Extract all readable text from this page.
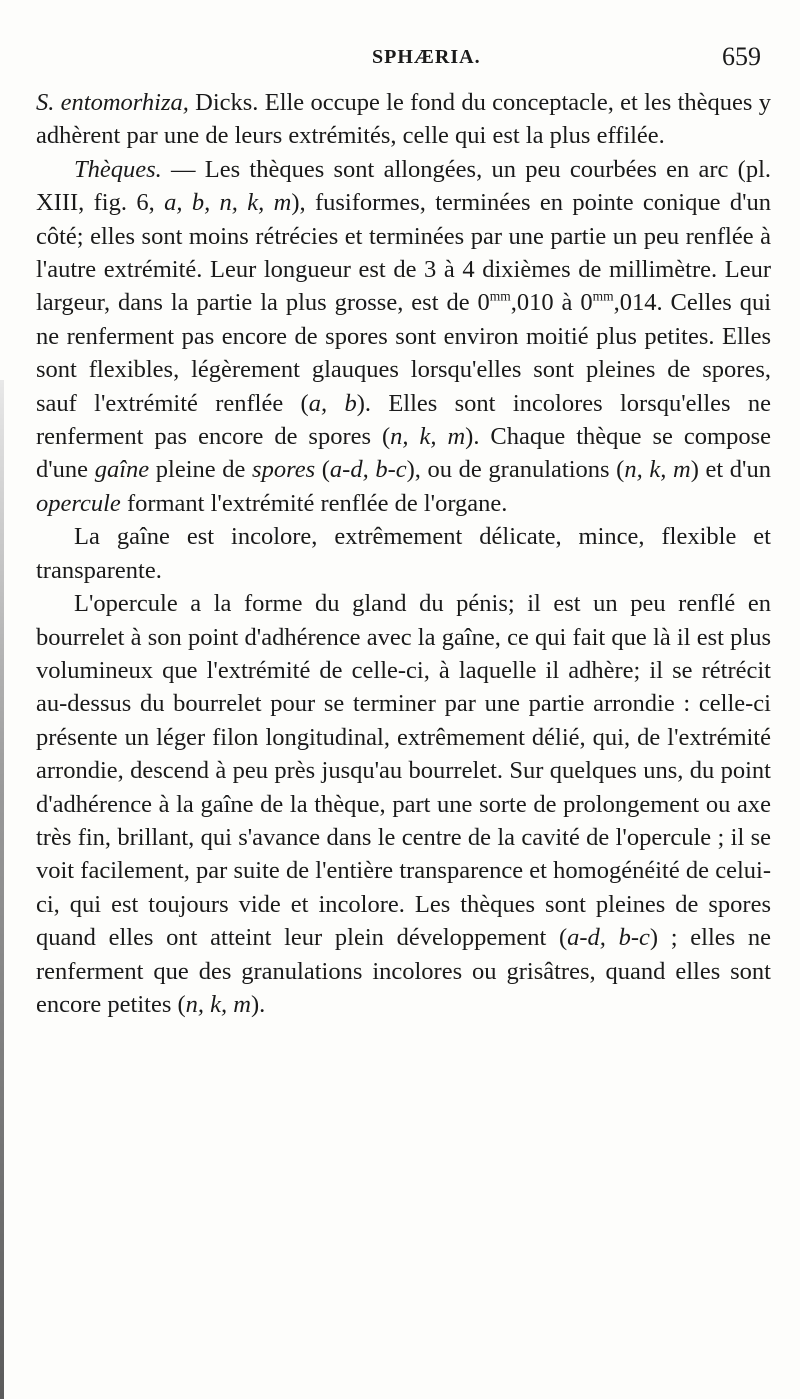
SPHÆRIA.	659

S. entomorhiza, Dicks. Elle occupe le fond du conceptacle, et les thèques y adhèrent par une de leurs extrémités, celle qui est la plus effilée.

Thèques. — Les thèques sont allongées, un peu courbées en arc (pl. XIII, fig. 6, a, b, n, k, m), fusiformes, terminées en pointe conique d'un côté; elles sont moins rétrécies et terminées par une partie un peu renflée à l'autre extrémité. Leur longueur est de 3 à 4 dixièmes de millimètre. Leur largeur, dans la partie la plus grosse, est de $0^{mm},010$ à $0^{mm},014$. Celles qui ne renferment pas encore de spores sont environ moitié plus petites. Elles sont flexibles, légèrement glauques lorsqu'elles sont pleines de spores, sauf l'extrémité renflée (a, b). Elles sont incolores lorsqu'elles ne renferment pas encore de spores (n, k, m). Chaque thèque se compose d'une gaîne pleine de spores (a-d, b-c), ou de granulations (n, k, m) et d'un opercule formant l'extrémité renflée de l'organe.

La gaîne est incolore, extrêmement délicate, mince, flexible et transparente.

L'opercule a la forme du gland du pénis; il est un peu renflé en bourrelet à son point d'adhérence avec la gaîne, ce qui fait que là il est plus volumineux que l'extrémité de celle-ci, à laquelle il adhère; il se rétrécit au-dessus du bourrelet pour se terminer par une partie arrondie : celle-ci présente un léger filon longitudinal, extrêmement délié, qui, de l'extrémité arrondie, descend à peu près jusqu'au bourrelet. Sur quelques uns, du point d'adhérence à la gaîne de la thèque, part une sorte de prolongement ou axe très fin, brillant, qui s'avance dans le centre de la cavité de l'opercule ; il se voit facilement, par suite de l'entière transparence et homogénéité de celui-ci, qui est toujours vide et incolore. Les thèques sont pleines de spores quand elles ont atteint leur plein développement (a-d, b-c) ; elles ne renferment que des granulations incolores ou grisâtres, quand elles sont encore petites (n, k, m).
